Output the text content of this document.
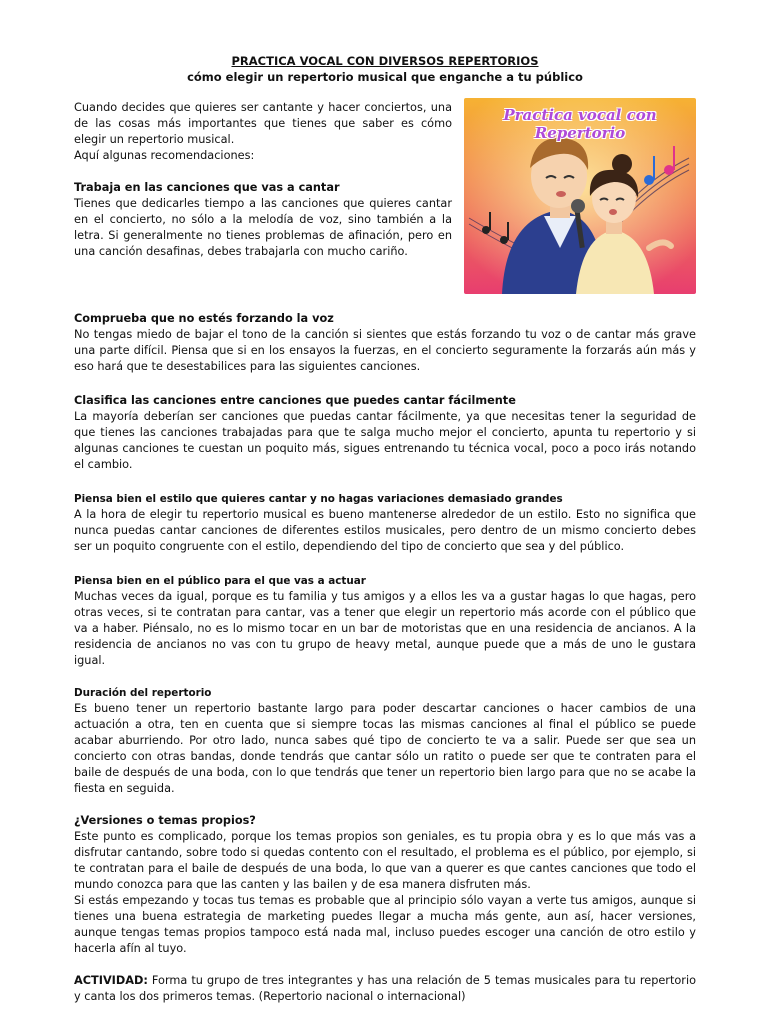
PRACTICA VOCAL CON DIVERSOS REPERTORIOS
cómo elegir un repertorio musical que enganche a tu público

Cuando decides que quieres ser cantante y hacer conciertos, una de las cosas más importantes que tienes que saber es cómo elegir un repertorio musical.

Aquí algunas recomendaciones:

Trabaja en las canciones que vas a cantar

Tienes que dedicarles tiempo a las canciones que quieres cantar en el concierto, no sólo a la melodía de voz, sino también a la letra. Si generalmente no tienes problemas de afinación, pero en una canción desafinas, debes trabajarla con mucho cariño.

Practica vocal con Repertorio
Comprueba que no estés forzando la voz

No tengas miedo de bajar el tono de la canción si sientes que estás forzando tu voz o de cantar más grave una parte difícil. Piensa que si en los ensayos la fuerzas, en el concierto seguramente la forzarás aún más y eso hará que te desestabilices para las siguientes canciones.

Clasifica las canciones entre canciones que puedes cantar fácilmente

La mayoría deberían ser canciones que puedas cantar fácilmente, ya que necesitas tener la seguridad de que tienes las canciones trabajadas para que te salga mucho mejor el concierto, apunta tu repertorio y si algunas canciones te cuestan un poquito más, sigues entrenando tu técnica vocal, poco a poco irás notando el cambio.

Piensa bien el estilo que quieres cantar y no hagas variaciones demasiado grandes

A la hora de elegir tu repertorio musical es bueno mantenerse alrededor de un estilo. Esto no significa que nunca puedas cantar canciones de diferentes estilos musicales, pero dentro de un mismo concierto debes ser un poquito congruente con el estilo, dependiendo del tipo de concierto que sea y del público.

Piensa bien en el público para el que vas a actuar

Muchas veces da igual, porque es tu familia y tus amigos y a ellos les va a gustar hagas lo que hagas, pero otras veces, si te contratan para cantar, vas a tener que elegir un repertorio más acorde con el público que va a haber. Piénsalo, no es lo mismo tocar en un bar de motoristas que en una residencia de ancianos. A la residencia de ancianos no vas con tu grupo de heavy metal, aunque puede que a más de uno le gustara igual.

Duración del repertorio

Es bueno tener un repertorio bastante largo para poder descartar canciones o hacer cambios de una actuación a otra, ten en cuenta que si siempre tocas las mismas canciones al final el público se puede acabar aburriendo. Por otro lado, nunca sabes qué tipo de concierto te va a salir. Puede ser que sea un concierto con otras bandas, donde tendrás que cantar sólo un ratito o puede ser que te contraten para el baile de después de una boda, con lo que tendrás que tener un repertorio bien largo para que no se acabe la fiesta en seguida.

¿Versiones o temas propios?

Este punto es complicado, porque los temas propios son geniales, es tu propia obra y es lo que más vas a disfrutar cantando, sobre todo si quedas contento con el resultado, el problema es el público, por ejemplo, si te contratan para el baile de después de una boda, lo que van a querer es que cantes canciones que todo el mundo conozca para que las canten y las bailen y de esa manera disfruten más.

Si estás empezando y tocas tus temas es probable que al principio sólo vayan a verte tus amigos, aunque si tienes una buena estrategia de marketing puedes llegar a mucha más gente, aun así, hacer versiones, aunque tengas temas propios tampoco está nada mal, incluso puedes escoger una canción de otro estilo y hacerla afín al tuyo.

ACTIVIDAD: Forma tu grupo de tres integrantes y has una relación de 5 temas musicales para tu repertorio y canta los dos primeros temas. (Repertorio nacional o internacional)
